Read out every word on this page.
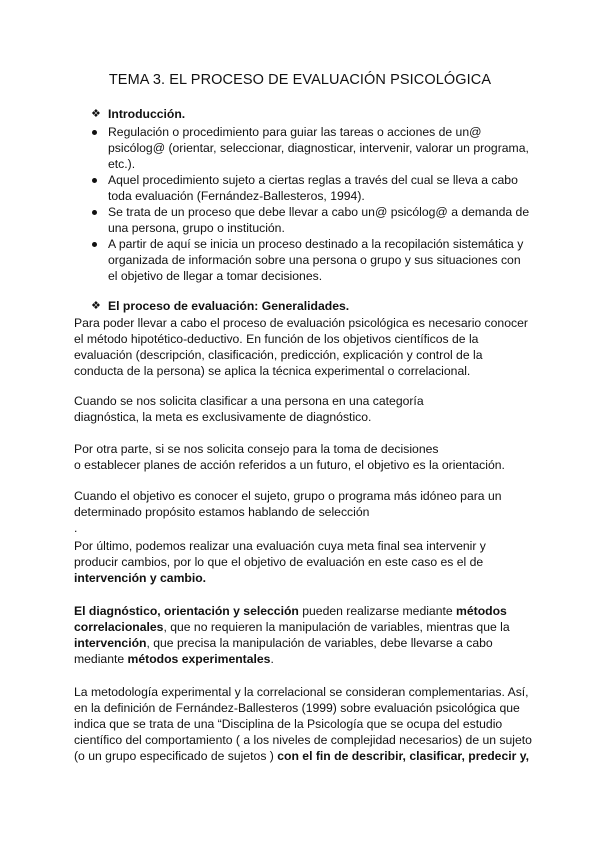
TEMA 3. EL PROCESO DE EVALUACIÓN PSICOLÓGICA
❖ Introducción.
Regulación o procedimiento para guiar las tareas o acciones de un@
psicólog@ (orientar, seleccionar, diagnosticar, intervenir, valorar un programa,
etc.).
Aquel procedimiento sujeto a ciertas reglas a través del cual se lleva a cabo
toda evaluación (Fernández-Ballesteros, 1994).
Se trata de un proceso que debe llevar a cabo un@ psicólog@ a demanda de
una persona, grupo o institución.
A partir de aquí se inicia un proceso destinado a la recopilación sistemática y
organizada de información sobre una persona o grupo y sus situaciones con
el objetivo de llegar a tomar decisiones.
❖ El proceso de evaluación: Generalidades.
Para poder llevar a cabo el proceso de evaluación psicológica es necesario conocer
el método hipotético-deductivo. En función de los objetivos científicos de la
evaluación (descripción, clasificación, predicción, explicación y control de la
conducta de la persona) se aplica la técnica experimental o correlacional.
Cuando se nos solicita clasificar a una persona en una categoría
diagnóstica, la meta es exclusivamente de diagnóstico.
Por otra parte, si se nos solicita consejo para la toma de decisiones
o establecer planes de acción referidos a un futuro, el objetivo es la orientación.
Cuando el objetivo es conocer el sujeto, grupo o programa más idóneo para un
determinado propósito estamos hablando de selección
.
Por último, podemos realizar una evaluación cuya meta final sea intervenir y
producir cambios, por lo que el objetivo de evaluación en este caso es el de
intervención y cambio.
El diagnóstico, orientación y selección pueden realizarse mediante métodos
correlacionales, que no requieren la manipulación de variables, mientras que la
intervención, que precisa la manipulación de variables, debe llevarse a cabo
mediante métodos experimentales.
La metodología experimental y la correlacional se consideran complementarias. Así,
en la definición de Fernández-Ballesteros (1999) sobre evaluación psicológica que
indica que se trata de una “Disciplina de la Psicología que se ocupa del estudio
científico del comportamiento ( a los niveles de complejidad necesarios) de un sujeto
(o un grupo especificado de sujetos ) con el fin de describir, clasificar, predecir y,
